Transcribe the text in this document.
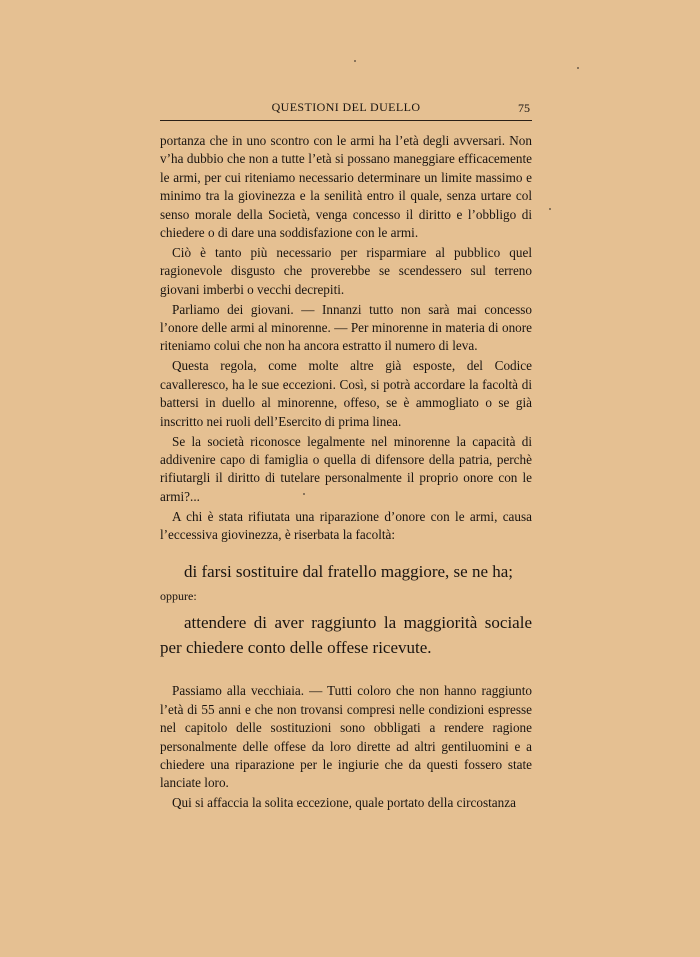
QUESTIONI DEL DUELLO	75

portanza che in uno scontro con le armi ha l’età degli avversari. Non v’ha dubbio che non a tutte l’età si possano maneggiare efficacemente le armi, per cui riteniamo necessario determinare un limite massimo e minimo tra la giovinezza e la senilità entro il quale, senza urtare col senso morale della Società, venga concesso il diritto e l’obbligo di chiedere o di dare una soddisfazione con le armi.

Ciò è tanto più necessario per risparmiare al pubblico quel ragionevole disgusto che proverebbe se scendessero sul terreno giovani imberbi o vecchi decrepiti.

Parliamo dei giovani. — Innanzi tutto non sarà mai concesso l’onore delle armi al minorenne. — Per minorenne in materia di onore riteniamo colui che non ha ancora estratto il numero di leva.

Questa regola, come molte altre già esposte, del Codice cavalleresco, ha le sue eccezioni. Così, si potrà accordare la facoltà di battersi in duello al minorenne, offeso, se è ammogliato o se già inscritto nei ruoli dell’Esercito di prima linea.

Se la società riconosce legalmente nel minorenne la capacità di addivenire capo di famiglia o quella di difensore della patria, perchè rifiutargli il diritto di tutelare personalmente il proprio onore con le armi?...

A chi è stata rifiutata una riparazione d’onore con le armi, causa l’eccessiva giovinezza, è riserbata la facoltà:

di farsi sostituire dal fratello maggiore, se ne ha;

oppure:

attendere di aver raggiunto la maggiorità sociale per chiedere conto delle offese ricevute.

Passiamo alla vecchiaia. — Tutti coloro che non hanno raggiunto l’età di 55 anni e che non trovansi compresi nelle condizioni espresse nel capitolo delle sostituzioni sono obbligati a rendere ragione personalmente delle offese da loro dirette ad altri gentiluomini e a chiedere una riparazione per le ingiurie che da questi fossero state lanciate loro.

Qui si affaccia la solita eccezione, quale portato della circostanza
